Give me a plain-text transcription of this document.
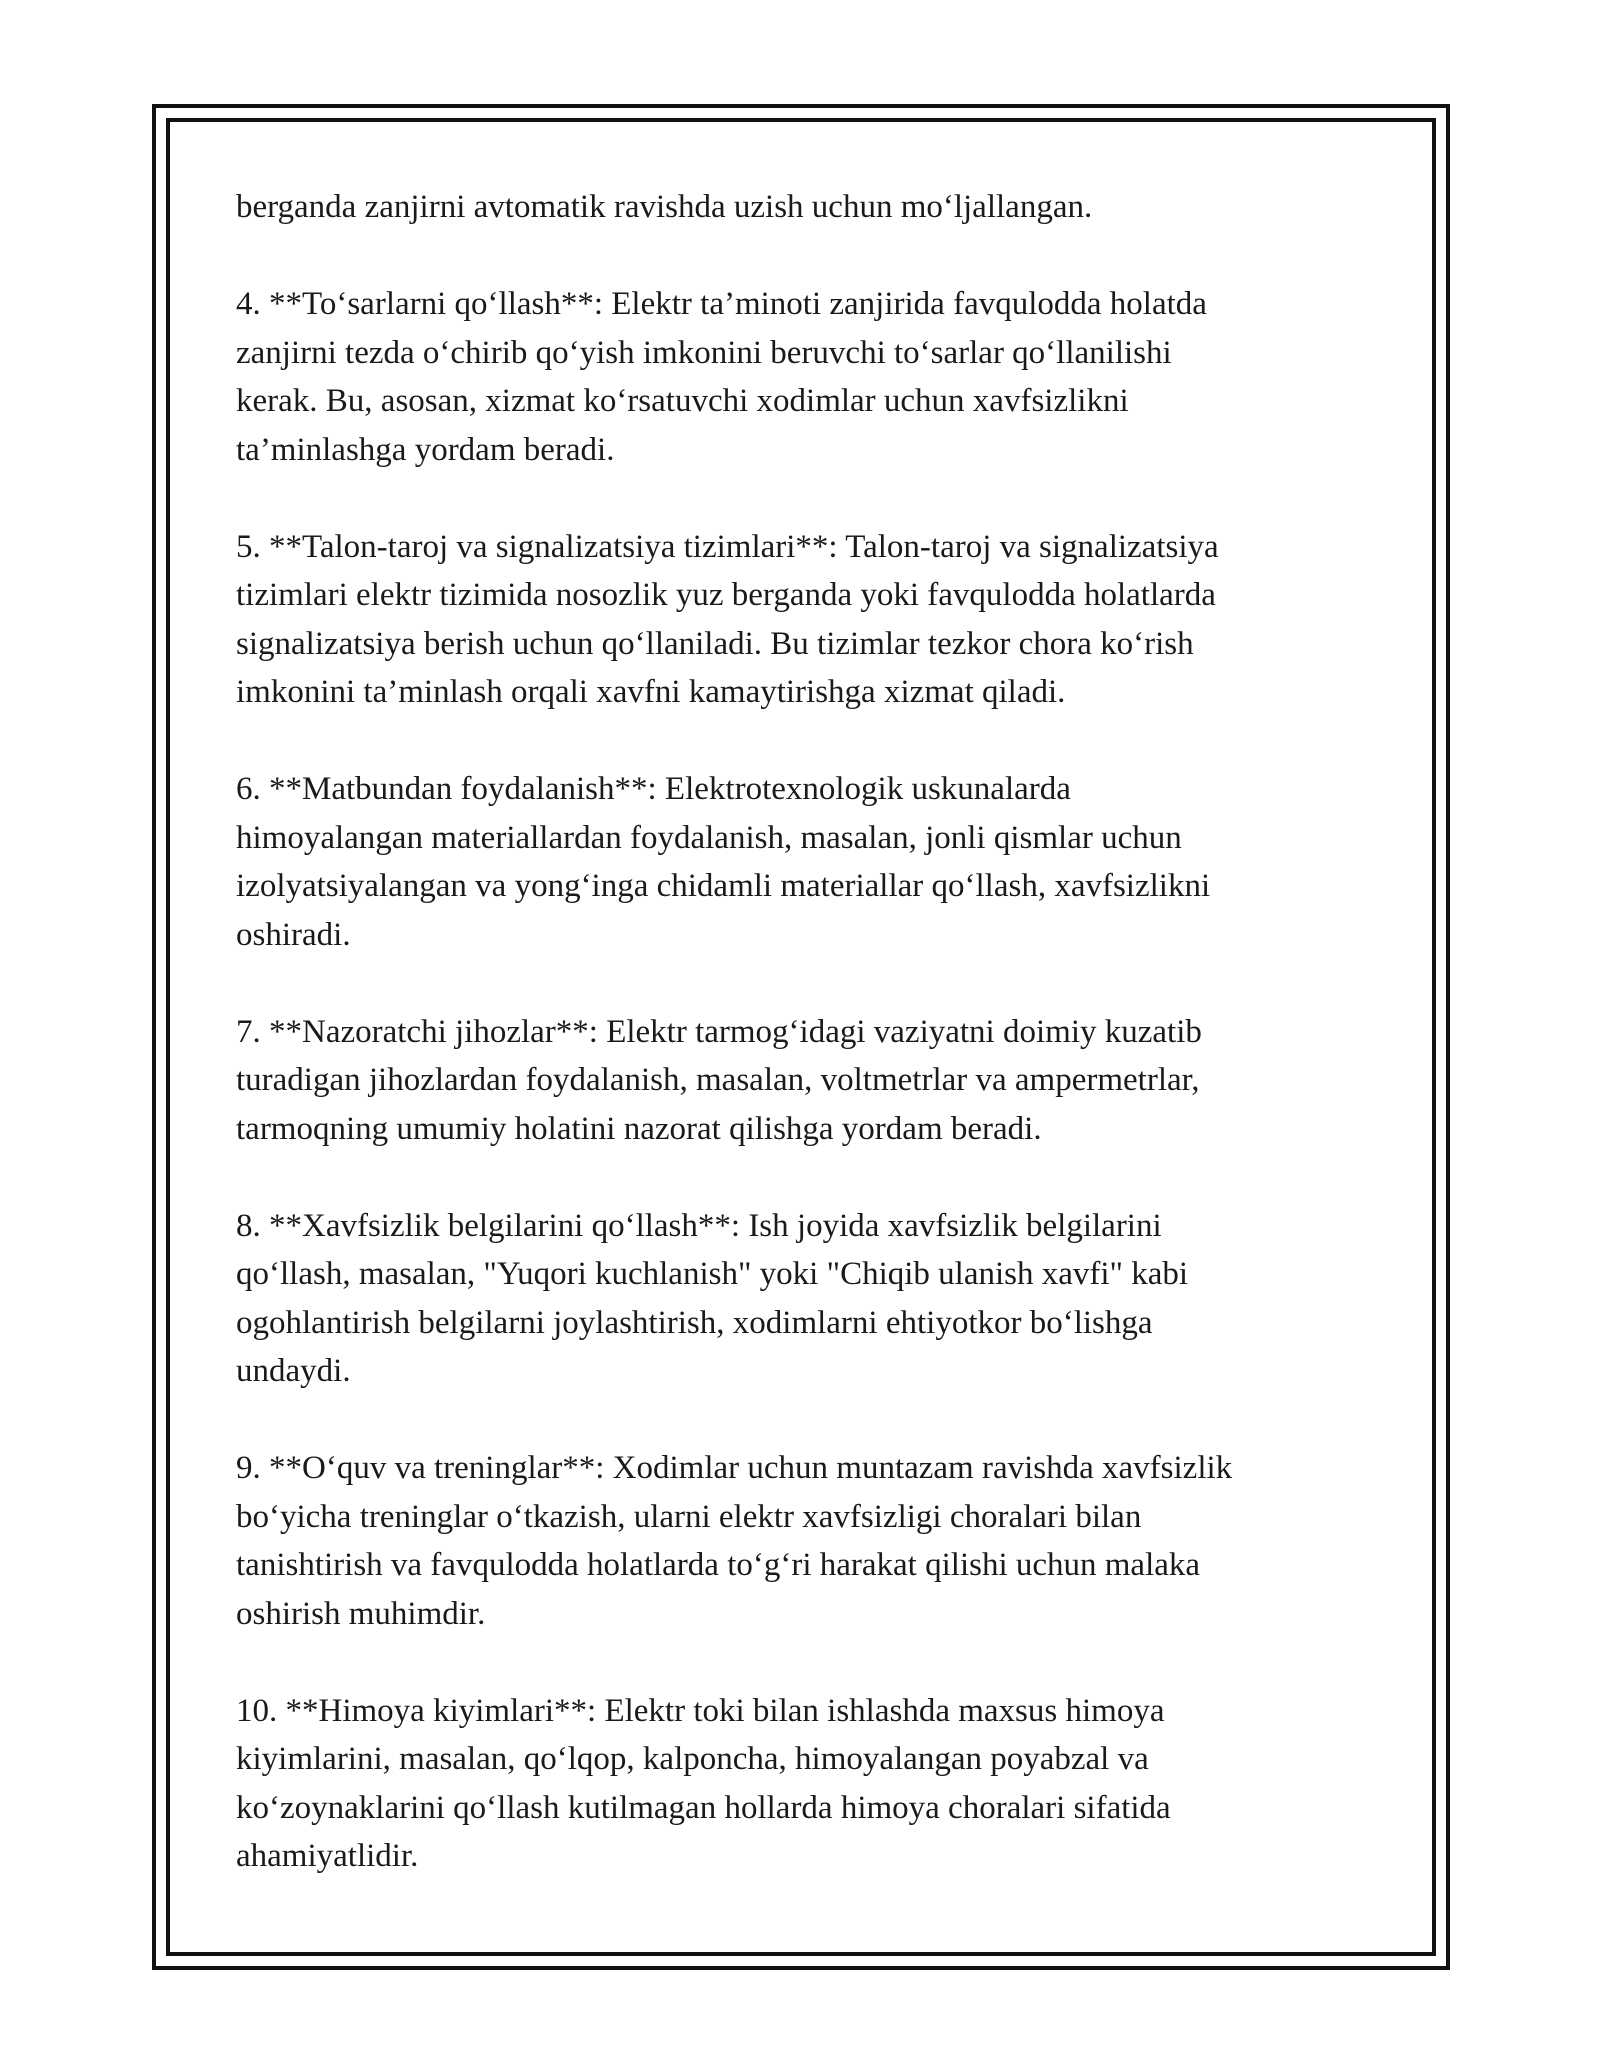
berganda zanjirni avtomatik ravishda uzish uchun mo‘ljallangan.

4. **To‘sarlarni qo‘llash**: Elektr ta’minoti zanjirida favqulodda holatda
zanjirni tezda o‘chirib qo‘yish imkonini beruvchi to‘sarlar qo‘llanilishi
kerak. Bu, asosan, xizmat ko‘rsatuvchi xodimlar uchun xavfsizlikni
ta’minlashga yordam beradi.

5. **Talon-taroj va signalizatsiya tizimlari**: Talon-taroj va signalizatsiya
tizimlari elektr tizimida nosozlik yuz berganda yoki favqulodda holatlarda
signalizatsiya berish uchun qo‘llaniladi. Bu tizimlar tezkor chora ko‘rish
imkonini ta’minlash orqali xavfni kamaytirishga xizmat qiladi.

6. **Matbundan foydalanish**: Elektrotexnologik uskunalarda
himoyalangan materiallardan foydalanish, masalan, jonli qismlar uchun
izolyatsiyalangan va yong‘inga chidamli materiallar qo‘llash, xavfsizlikni
oshiradi.

7. **Nazoratchi jihozlar**: Elektr tarmog‘idagi vaziyatni doimiy kuzatib
turadigan jihozlardan foydalanish, masalan, voltmetrlar va ampermetrlar,
tarmoqning umumiy holatini nazorat qilishga yordam beradi.

8. **Xavfsizlik belgilarini qo‘llash**: Ish joyida xavfsizlik belgilarini
qo‘llash, masalan, "Yuqori kuchlanish" yoki "Chiqib ulanish xavfi" kabi
ogohlantirish belgilarni joylashtirish, xodimlarni ehtiyotkor bo‘lishga
undaydi.

9. **O‘quv va treninglar**: Xodimlar uchun muntazam ravishda xavfsizlik
bo‘yicha treninglar o‘tkazish, ularni elektr xavfsizligi choralari bilan
tanishtirish va favqulodda holatlarda to‘g‘ri harakat qilishi uchun malaka
oshirish muhimdir.

10. **Himoya kiyimlari**: Elektr toki bilan ishlashda maxsus himoya
kiyimlarini, masalan, qo‘lqop, kalponcha, himoyalangan poyabzal va
ko‘zoynaklarini qo‘llash kutilmagan hollarda himoya choralari sifatida
ahamiyatlidir.
